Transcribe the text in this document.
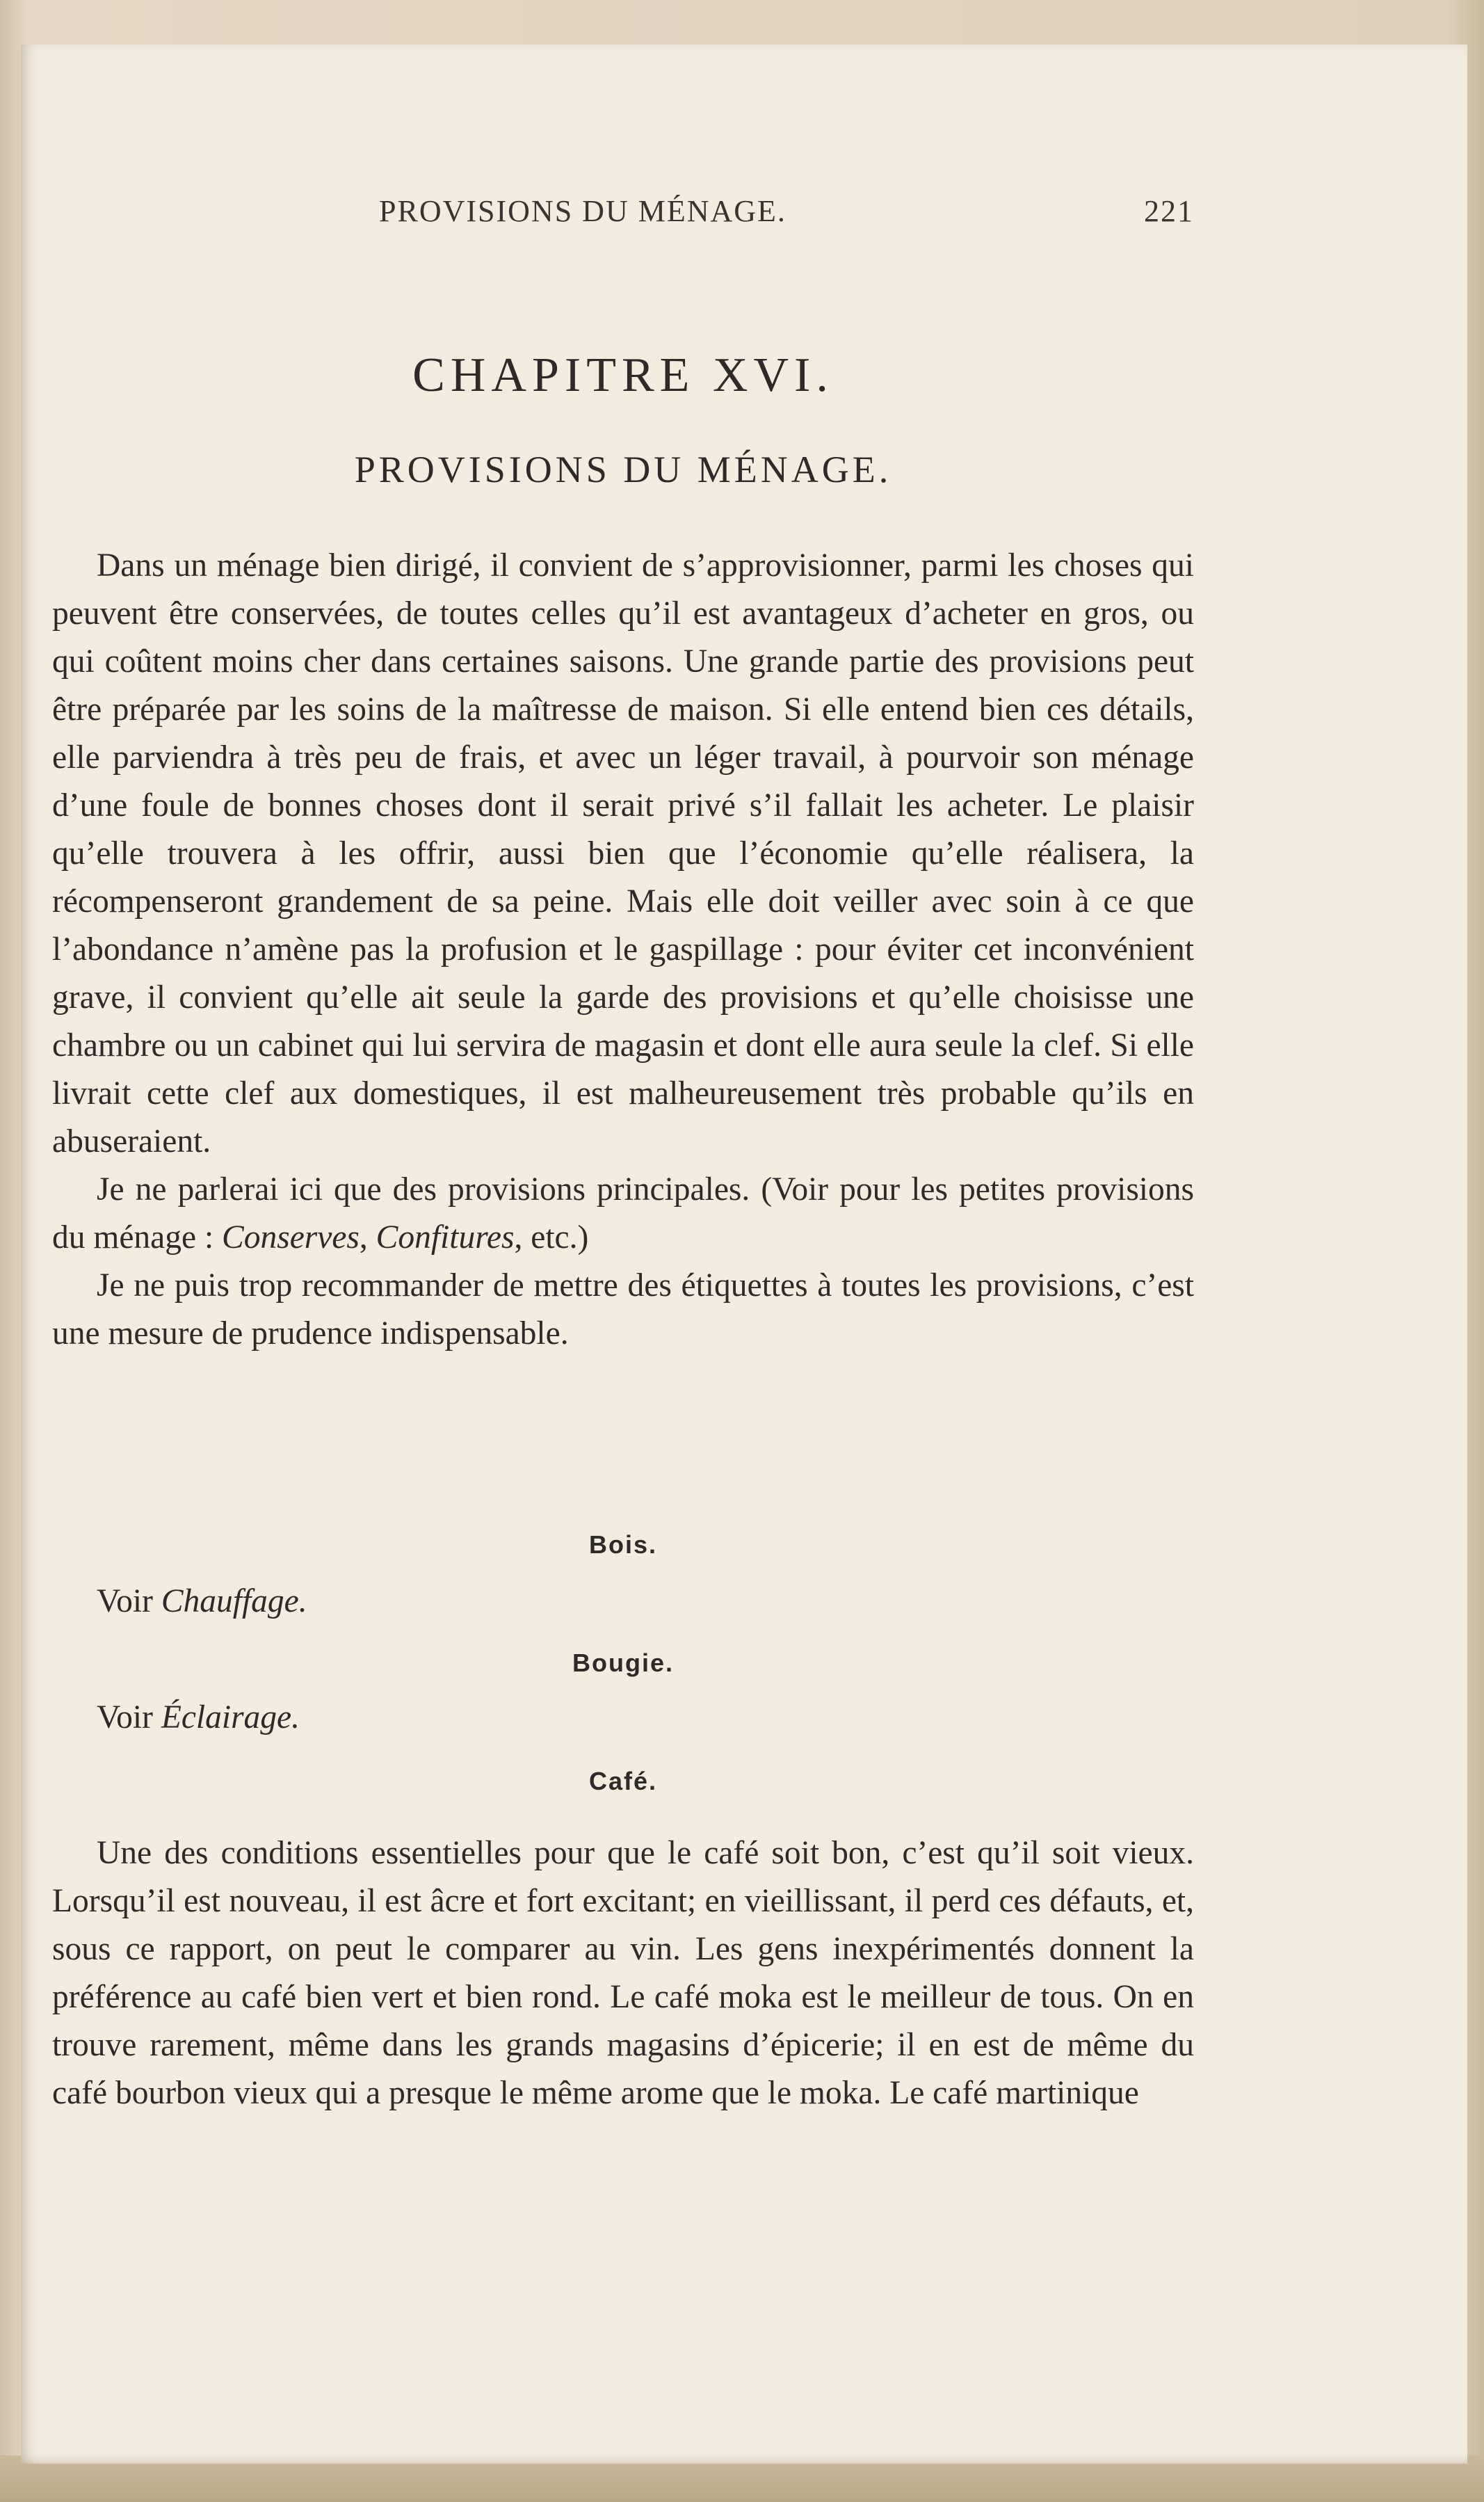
PROVISIONS DU MÉNAGE.	221
CHAPITRE XVI.
PROVISIONS DU MÉNAGE.

Dans un ménage bien dirigé, il convient de s’approvisionner, parmi les choses qui peuvent être conservées, de toutes celles qu’il est avantageux d’acheter en gros, ou qui coûtent moins cher dans certaines saisons. Une grande partie des provisions peut être préparée par les soins de la maîtresse de maison. Si elle entend bien ces détails, elle parviendra à très peu de frais, et avec un léger travail, à pourvoir son ménage d’une foule de bonnes choses dont il serait privé s’il fallait les acheter. Le plaisir qu’elle trouvera à les offrir, aussi bien que l’économie qu’elle réalisera, la récompenseront grandement de sa peine. Mais elle doit veiller avec soin à ce que l’abondance n’amène pas la profusion et le gaspillage : pour éviter cet inconvénient grave, il convient qu’elle ait seule la garde des provisions et qu’elle choisisse une chambre ou un cabinet qui lui servira de magasin et dont elle aura seule la clef. Si elle livrait cette clef aux domestiques, il est malheureusement très probable qu’ils en abuseraient.

Je ne parlerai ici que des provisions principales. (Voir pour les petites provisions du ménage : Conserves, Confitures, etc.)

Je ne puis trop recommander de mettre des étiquettes à toutes les provisions, c’est une mesure de prudence indispensable.

Bois.
Voir Chauffage.
Bougie.
Voir Éclairage.
Café.

Une des conditions essentielles pour que le café soit bon, c’est qu’il soit vieux. Lorsqu’il est nouveau, il est âcre et fort excitant; en vieillissant, il perd ces défauts, et, sous ce rapport, on peut le comparer au vin. Les gens inexpérimentés donnent la préférence au café bien vert et bien rond. Le café moka est le meilleur de tous. On en trouve rarement, même dans les grands magasins d’épicerie; il en est de même du café bourbon vieux qui a presque le même arome que le moka. Le café martinique
